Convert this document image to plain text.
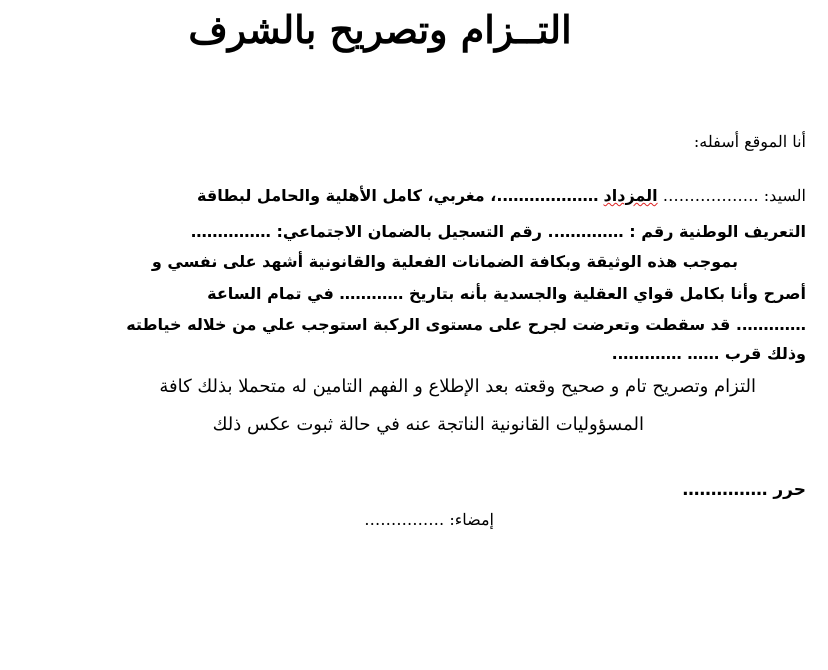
التــزام وتصريح بالشرف
أنا الموقع أسفله:
السيد: ……………… المزداد ……………….، مغربي، كامل الأهلية والحامل لبطاقة
التعريف الوطنية رقم : ………….. رقم التسجيل بالضمان الاجتماعي: ……………
بموجب هذه الوثيقة وبكافة الضمانات الفعلية والقانونية أشهد على نفسي و
أصرح وأنا بكامل قواي العقلية والجسدية بأنه بتاريخ ………… في تمام الساعة
…………. قد سقطت وتعرضت لجرح على مستوى الركبة استوجب علي من خلاله خياطته
وذلك قرب …… ………….
التزام وتصريح تام و صحيح وقعته بعد الإطلاع و الفهم التامين له متحملا بذلك كافة
المسؤوليات القانونية الناتجة عنه في حالة ثبوت عكس ذلك
حرر ……………
إمضاء: ……………
